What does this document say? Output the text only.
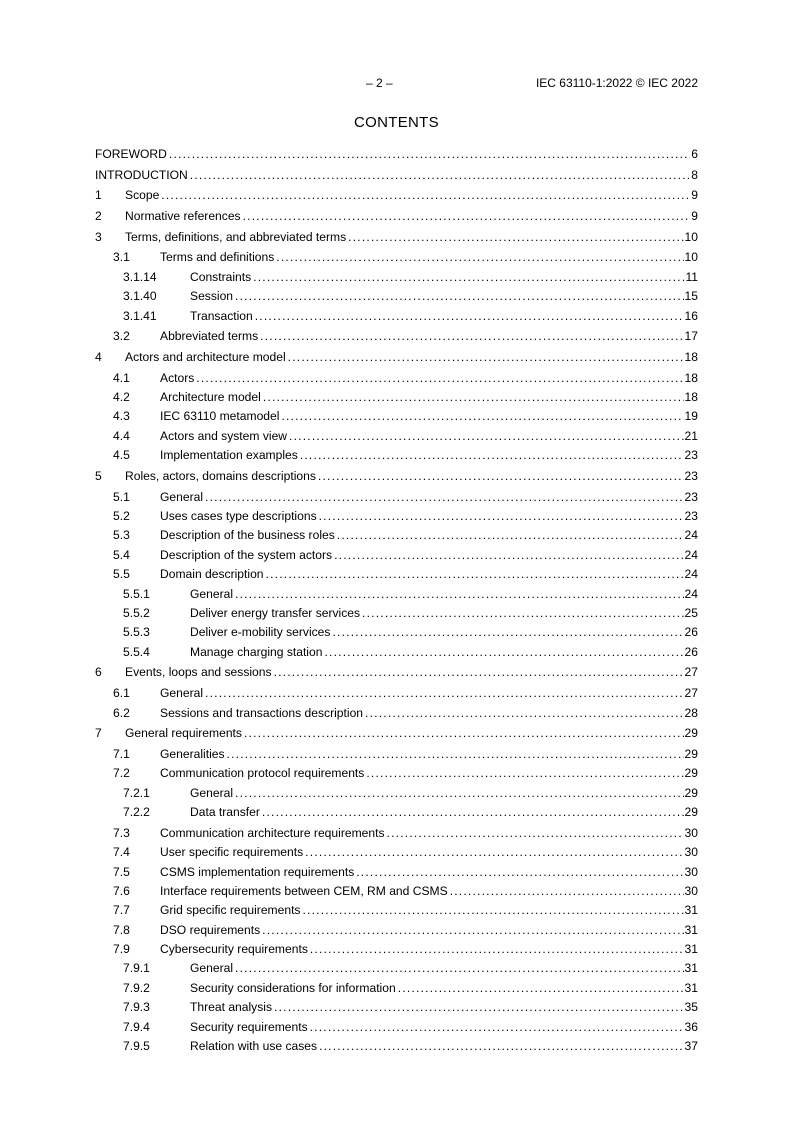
– 2 –	IEC 63110-1:2022 © IEC 2022
CONTENTS
FOREWORD .....	6
INTRODUCTION .....	8
1	Scope .....	9
2	Normative references .....	9
3	Terms, definitions, and abbreviated terms .....	10
3.1	Terms and definitions .....	10
3.1.14	Constraints .....	11
3.1.40	Session .....	15
3.1.41	Transaction .....	16
3.2	Abbreviated terms .....	17
4	Actors and architecture model .....	18
4.1	Actors .....	18
4.2	Architecture model .....	18
4.3	IEC 63110 metamodel .....	19
4.4	Actors and system view .....	21
4.5	Implementation examples .....	23
5	Roles, actors, domains descriptions .....	23
5.1	General .....	23
5.2	Uses cases type descriptions .....	23
5.3	Description of the business roles .....	24
5.4	Description of the system actors .....	24
5.5	Domain description .....	24
5.5.1	General .....	24
5.5.2	Deliver energy transfer services .....	25
5.5.3	Deliver e-mobility services .....	26
5.5.4	Manage charging station .....	26
6	Events, loops and sessions .....	27
6.1	General .....	27
6.2	Sessions and transactions description .....	28
7	General requirements .....	29
7.1	Generalities .....	29
7.2	Communication protocol requirements .....	29
7.2.1	General .....	29
7.2.2	Data transfer .....	29
7.3	Communication architecture requirements .....	30
7.4	User specific requirements .....	30
7.5	CSMS implementation requirements .....	30
7.6	Interface requirements between CEM, RM and CSMS .....	30
7.7	Grid specific requirements .....	31
7.8	DSO requirements .....	31
7.9	Cybersecurity requirements .....	31
7.9.1	General .....	31
7.9.2	Security considerations for information .....	31
7.9.3	Threat analysis .....	35
7.9.4	Security requirements .....	36
7.9.5	Relation with use cases .....	37
